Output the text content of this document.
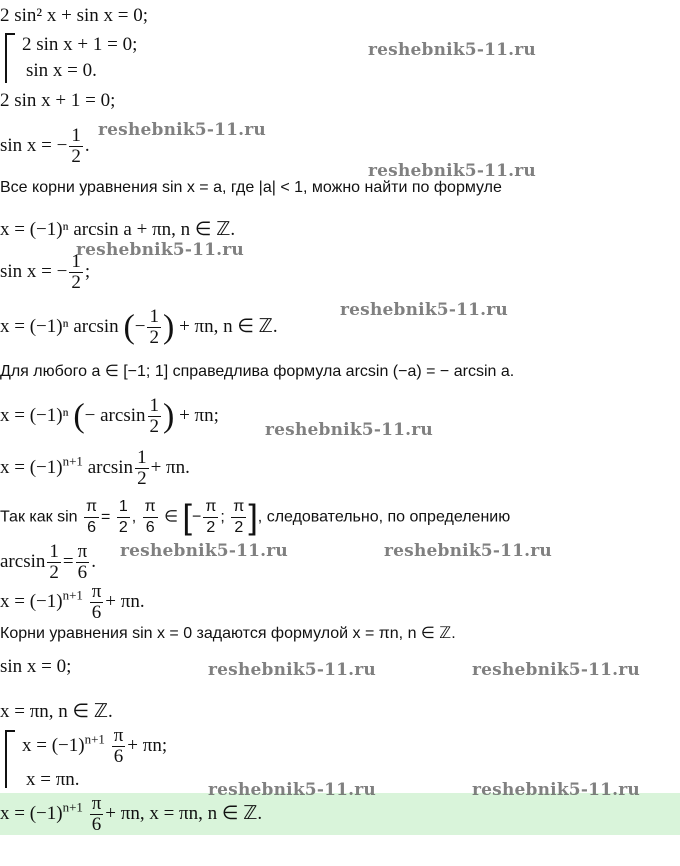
2 sin² x + sin x = 0;
2 sin x + 1 = 0;
sin x = 0.
2 sin x + 1 = 0;
sin x = − $\frac{1}{2}$ .
Все корни уравнения sin x = a, где |a| < 1, можно найти по формуле
x = (−1)ⁿ arcsin a + πn, n ∈ ℤ.
sin x = − $\frac{1}{2}$ ;
x = (−1)ⁿ arcsin (− $\frac{1}{2}$ ) + πn, n ∈ ℤ.
Для любого a ∈ [−1; 1] справедлива формула arcsin (−a) = − arcsin a.
x = (−1)ⁿ (− $\arcsin \frac{1}{2}$ ) + πn;
$x = (-1)^{n+1}$ $\arcsin \frac{1}{2} + \pi n$.
Так как $\sin \frac{\pi}{6} = \frac{1}{2}$ , $\frac{\pi}{6}$ ∈ [− $\frac{\pi}{2}$ ; $\frac{\pi}{2}$ ], следовательно, по определению
$\arcsin \frac{1}{2} = \frac{\pi}{6}$ .
$x = (-1)^{n+1} \frac{\pi}{6} + \pi n$.
Корни уравнения sin x = 0 задаются формулой x = πn, n ∈ ℤ.
sin x = 0;
x = πn, n ∈ ℤ.
$x = (-1)^{n+1} \frac{\pi}{6} + \pi n$;
x = πn.
$x = (-1)^{n+1} \frac{\pi}{6} + \pi n$, x = πn, n ∈ ℤ.
reshebnik5-11.ru
reshebnik5-11.ru
reshebnik5-11.ru
reshebnik5-11.ru
reshebnik5-11.ru
reshebnik5-11.ru
reshebnik5-11.ru	reshebnik5-11.ru
reshebnik5-11.ru	reshebnik5-11.ru
reshebnik5-11.ru	reshebnik5-11.ru
